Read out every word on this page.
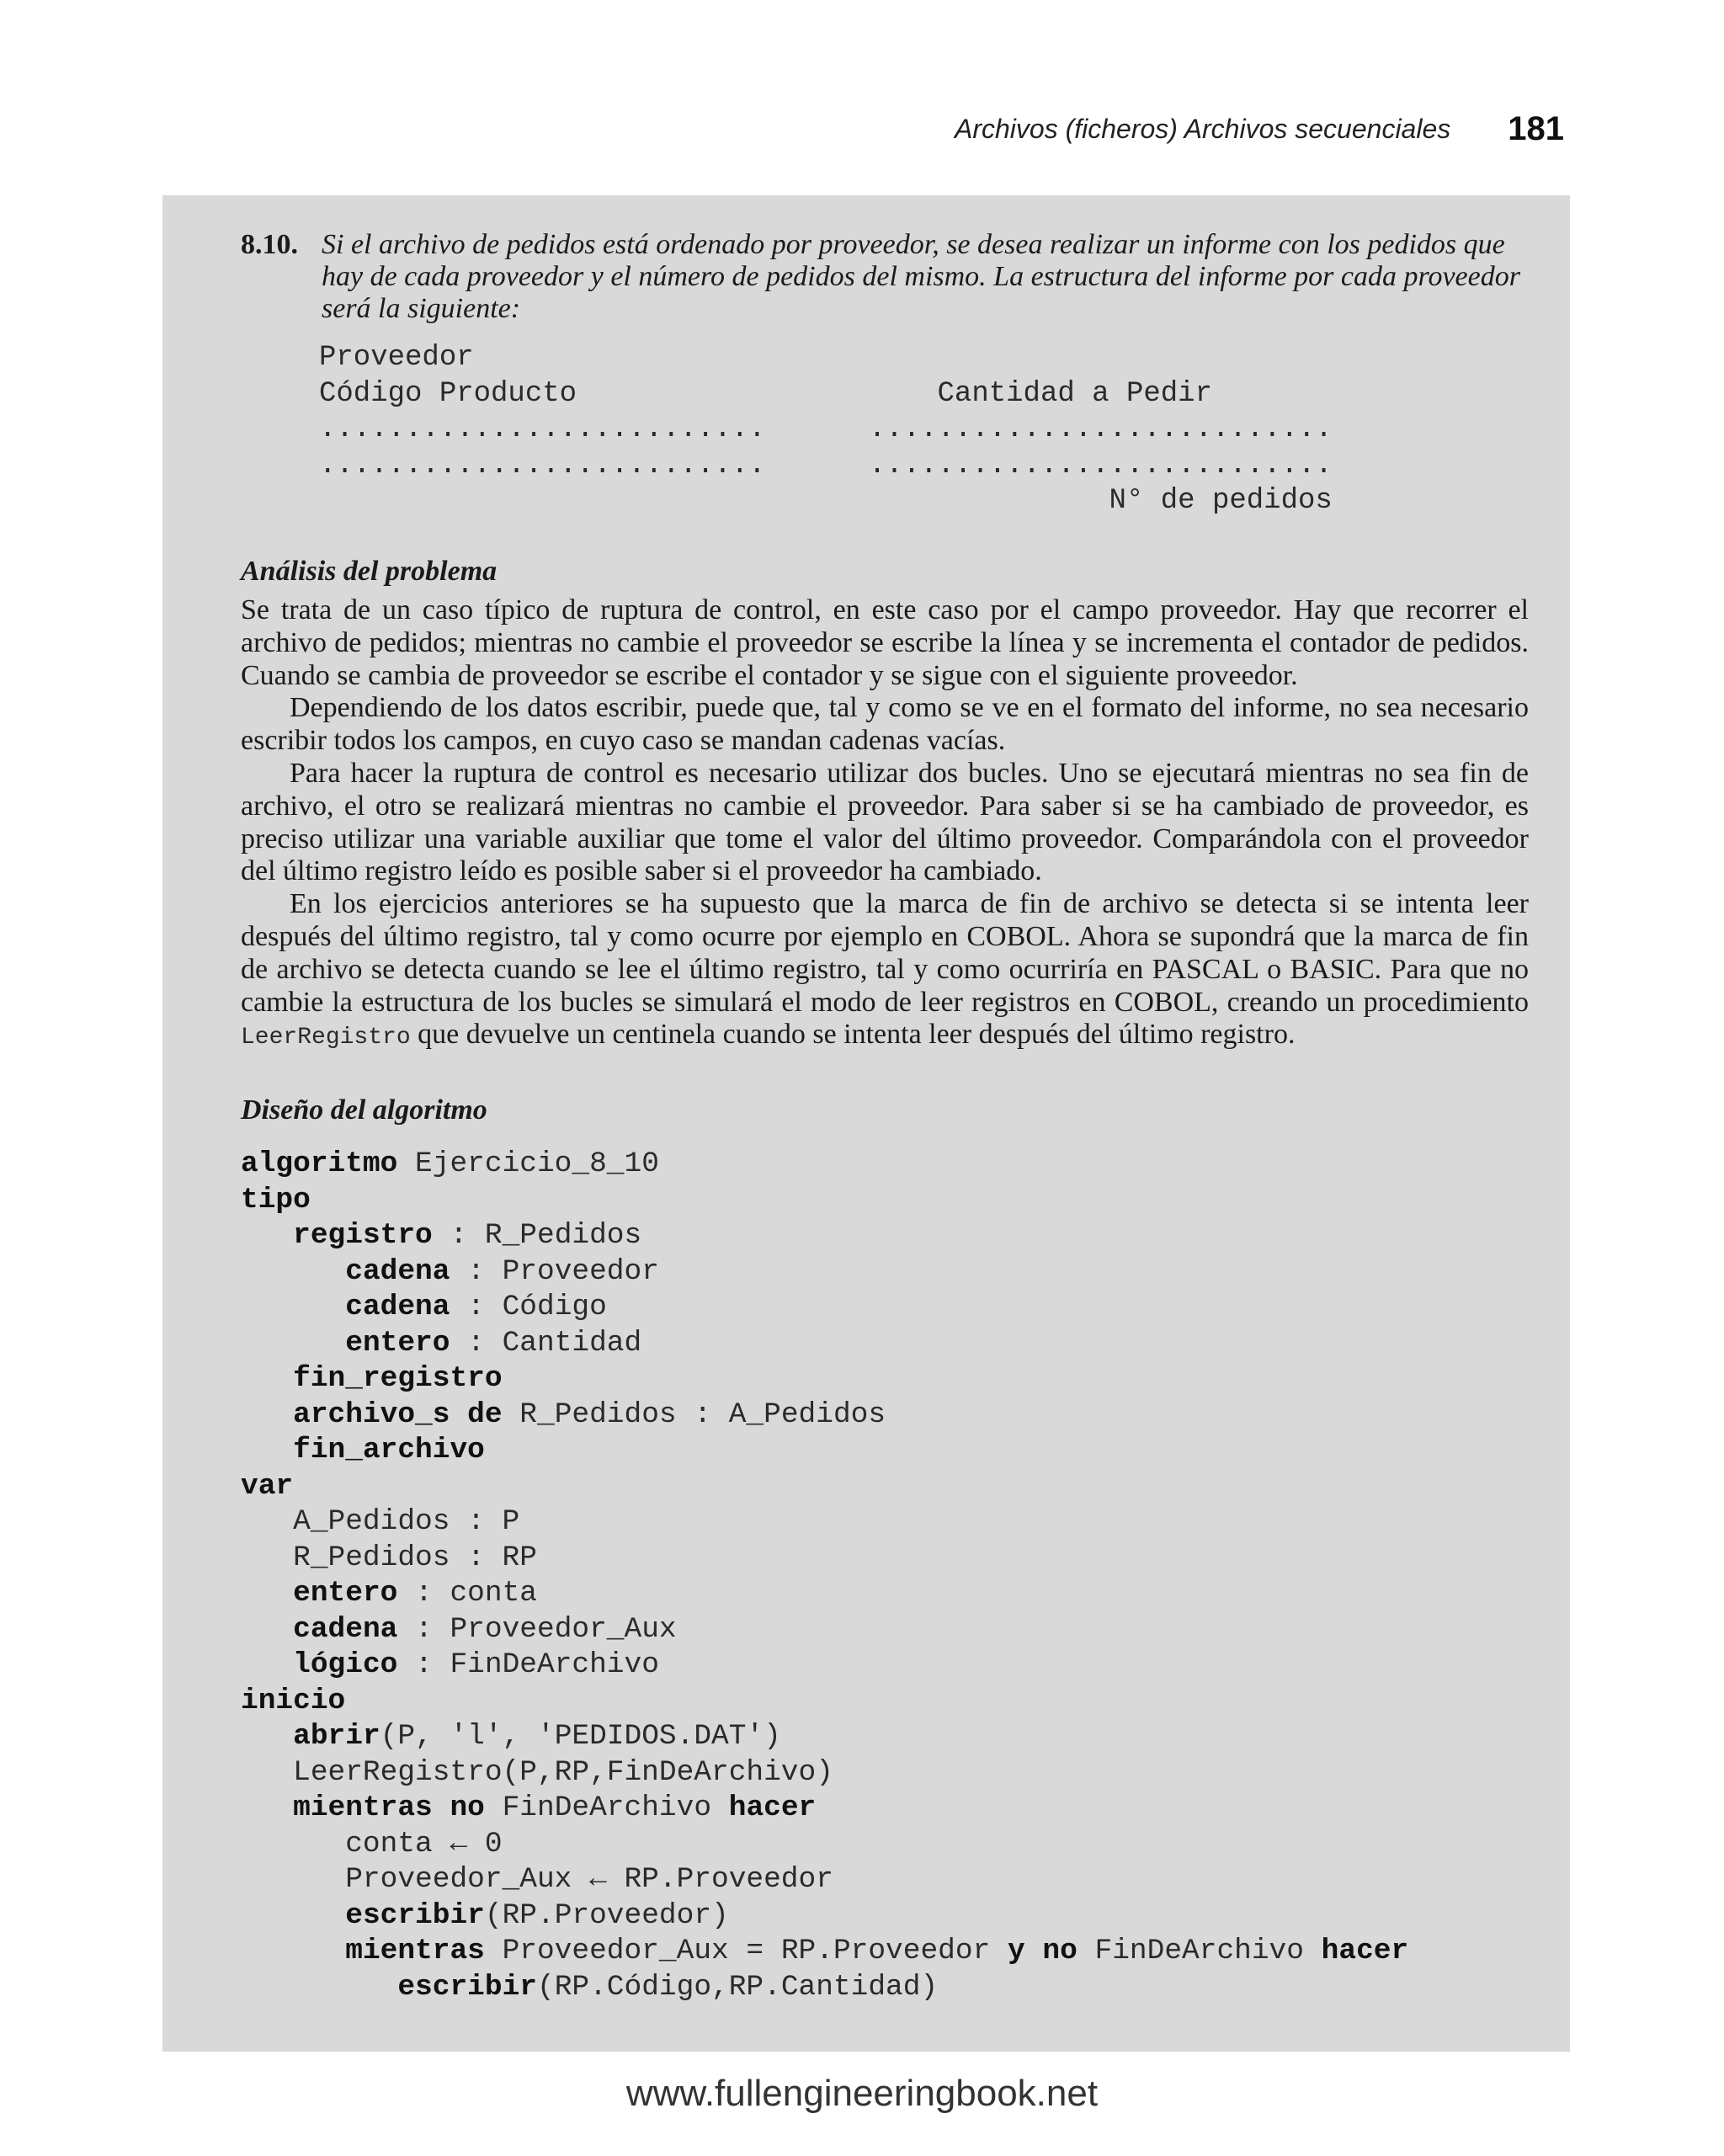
Archivos (ficheros) Archivos secuenciales 181
8.10. Si el archivo de pedidos está ordenado por proveedor, se desea realizar un informe con los pedidos que hay de cada proveedor y el número de pedidos del mismo. La estructura del informe por cada proveedor será la siguiente:
Proveedor
Código Producto                     Cantidad a Pedir
..........................      ...........................
..........................      ...........................
N° de pedidos
Análisis del problema

Se trata de un caso típico de ruptura de control, en este caso por el campo proveedor. Hay que recorrer el archivo de pedidos; mientras no cambie el proveedor se escribe la línea y se incrementa el contador de pedidos. Cuando se cambia de proveedor se escribe el contador y se sigue con el siguiente proveedor.

Dependiendo de los datos escribir, puede que, tal y como se ve en el formato del informe, no sea necesario escribir todos los campos, en cuyo caso se mandan cadenas vacías.

Para hacer la ruptura de control es necesario utilizar dos bucles. Uno se ejecutará mientras no sea fin de archivo, el otro se realizará mientras no cambie el proveedor. Para saber si se ha cambiado de proveedor, es preciso utilizar una variable auxiliar que tome el valor del último proveedor. Comparándola con el proveedor del último registro leído es posible saber si el proveedor ha cambiado.

En los ejercicios anteriores se ha supuesto que la marca de fin de archivo se detecta si se intenta leer después del último registro, tal y como ocurre por ejemplo en COBOL. Ahora se supondrá que la marca de fin de archivo se detecta cuando se lee el último registro, tal y como ocurriría en PASCAL o BASIC. Para que no cambie la estructura de los bucles se simulará el modo de leer registros en COBOL, creando un procedimiento LeerRegistro que devuelve un centinela cuando se intenta leer después del último registro.

Diseño del algoritmo
algoritmo Ejercicio_8_10
tipo
registro : R_Pedidos
cadena : Proveedor
cadena : Código
entero : Cantidad
fin_registro
archivo_s de R_Pedidos : A_Pedidos
fin_archivo
var
A_Pedidos : P
R_Pedidos : RP
entero : conta
cadena : Proveedor_Aux
lógico : FinDeArchivo
inicio
abrir(P, 'l', 'PEDIDOS.DAT')
LeerRegistro(P,RP,FinDeArchivo)
mientras no FinDeArchivo hacer
conta ← 0
Proveedor_Aux ← RP.Proveedor
escribir(RP.Proveedor)
mientras Proveedor_Aux = RP.Proveedor y no FinDeArchivo hacer
escribir(RP.Código,RP.Cantidad)
www.fullengineeringbook.net
